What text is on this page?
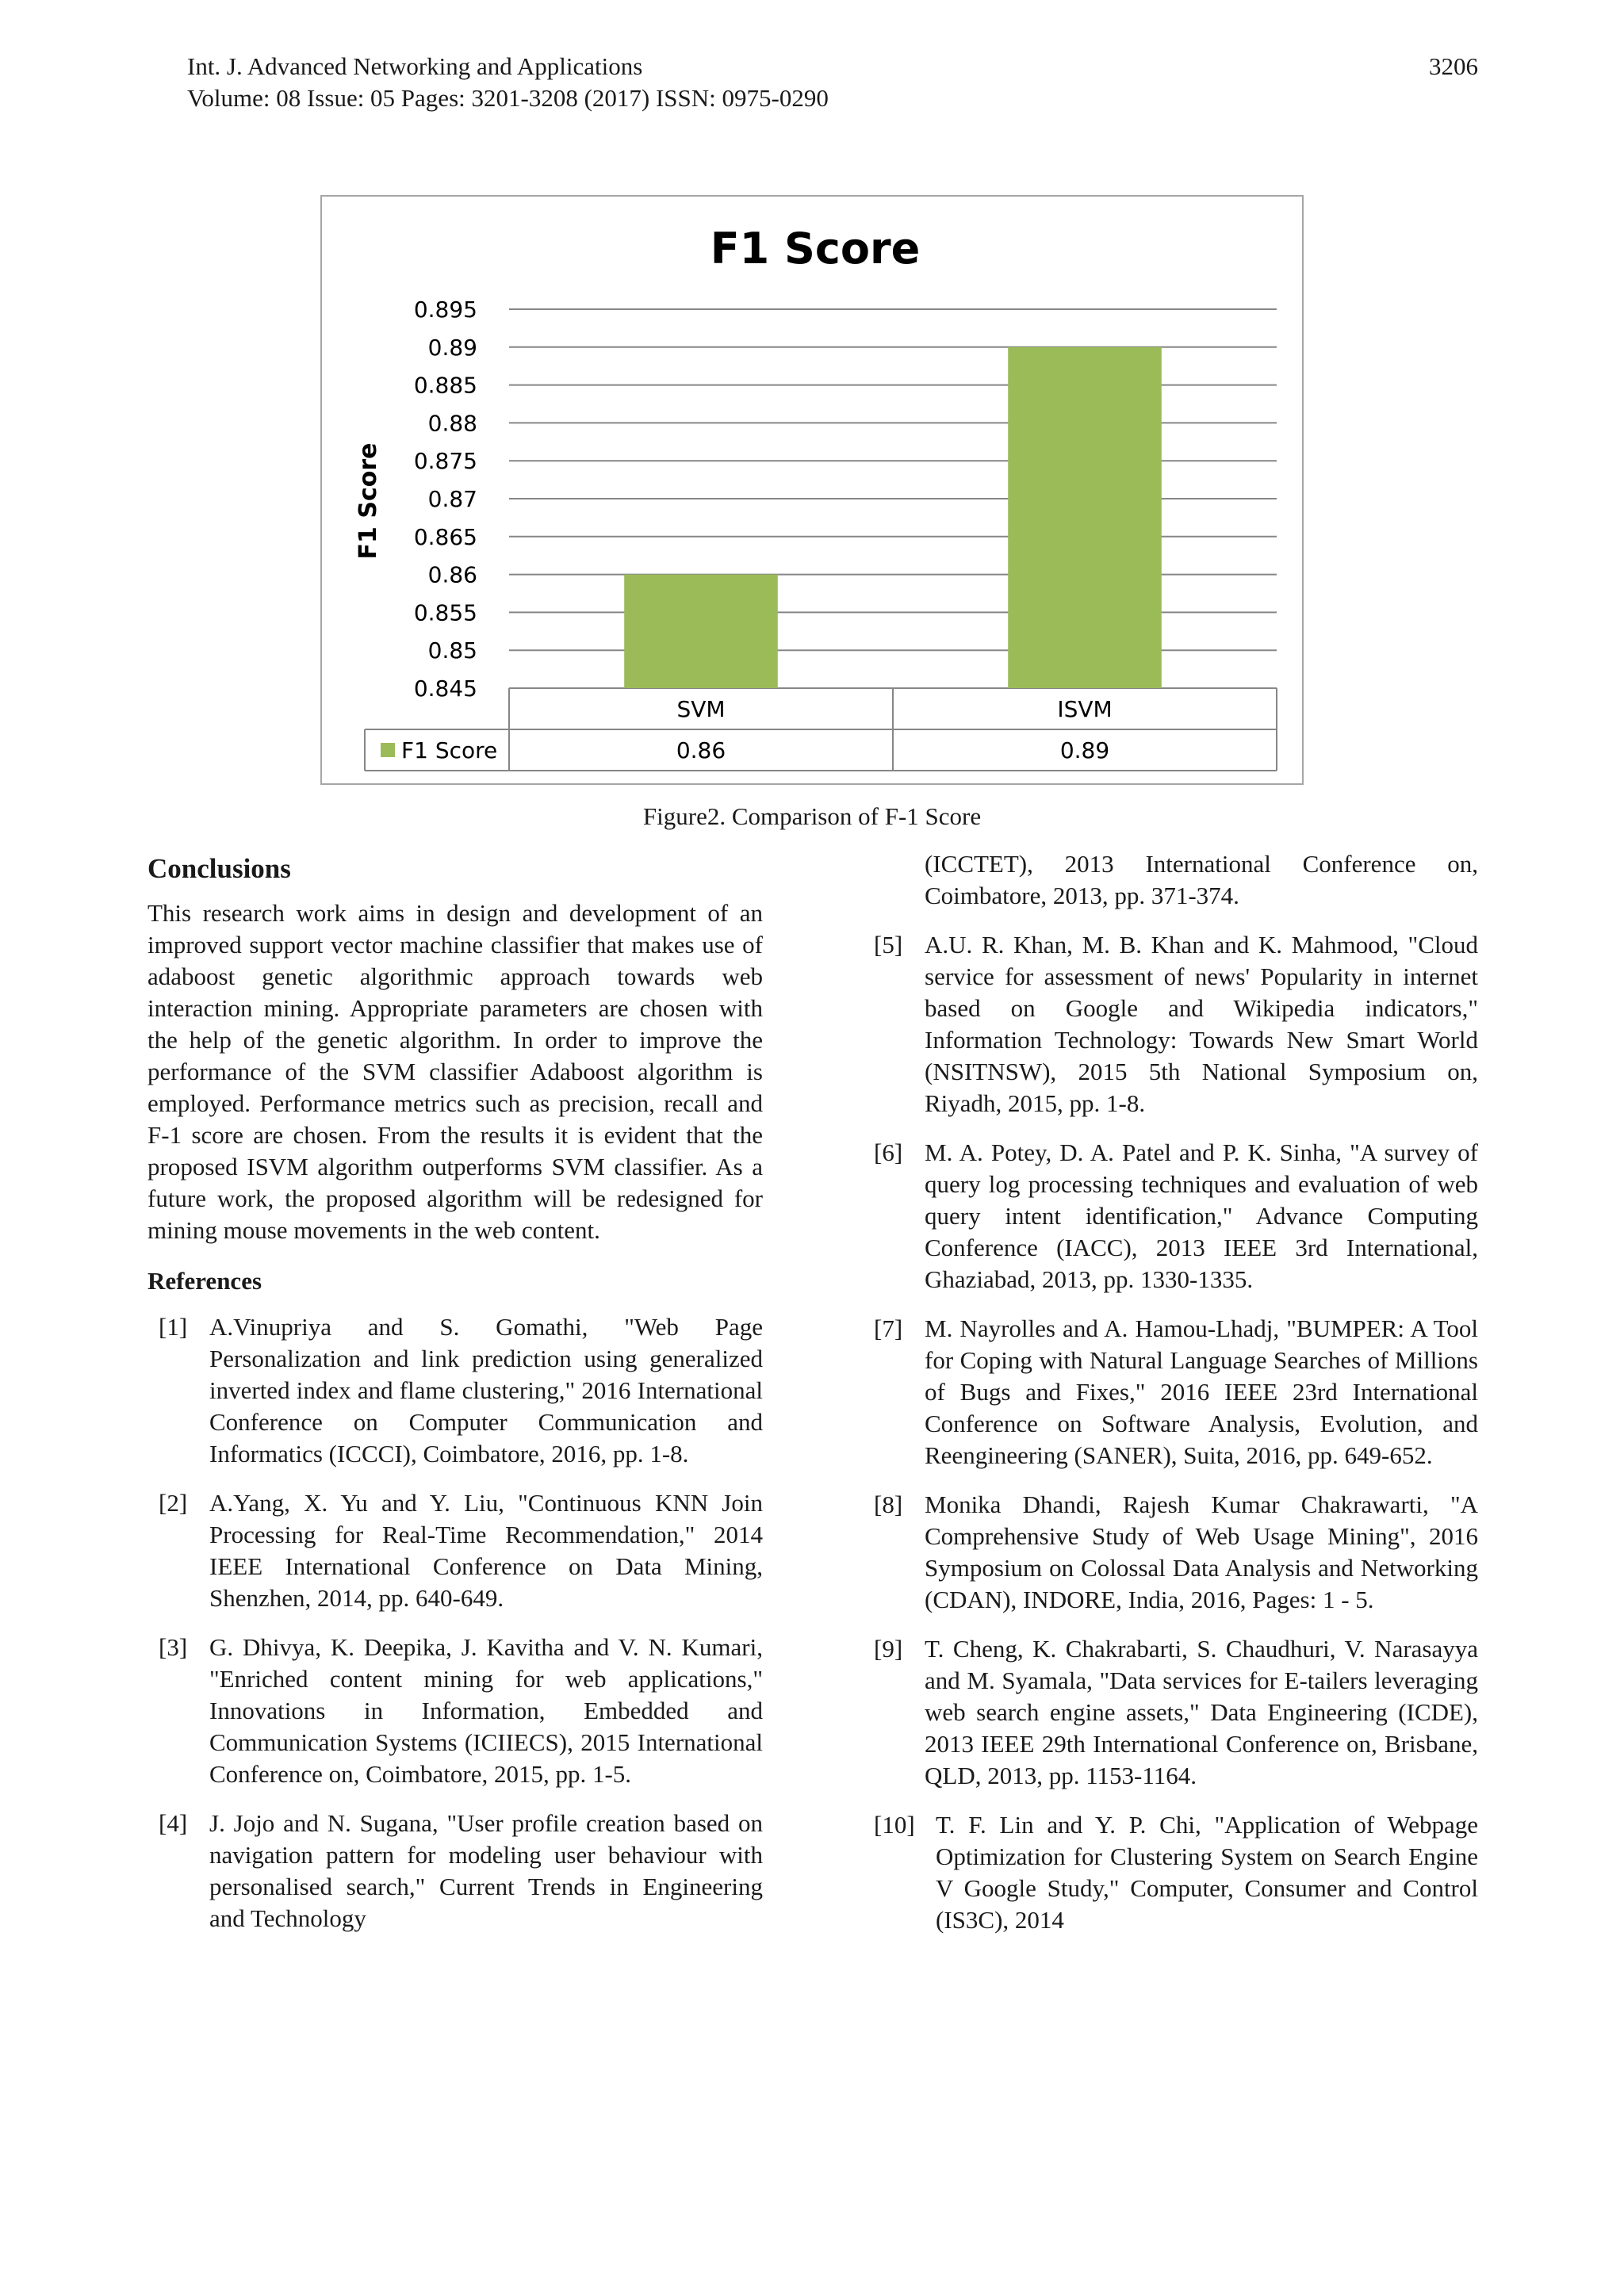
Int. J. Advanced Networking and Applications
Volume: 08 Issue: 05 Pages: 3201-3208 (2017) ISSN: 0975-0290
3206
F1 Score
F1 Score
0.895
0.89
0.885
0.88
0.875
0.87
0.865
0.86
0.855
0.85
0.845
SVM
0.86
ISVM
0.89
F1 Score
Figure2. Comparison of F-1 Score
Conclusions

This research work aims in design and development of an improved support vector machine classifier that makes use of adaboost genetic algorithmic approach towards web interaction mining. Appropriate parameters are chosen with the help of the genetic algorithm. In order to improve the performance of the SVM classifier Adaboost algorithm is employed. Performance metrics such as precision, recall and F-1 score are chosen. From the results it is evident that the proposed ISVM algorithm outperforms SVM classifier. As a future work, the proposed algorithm will be redesigned for mining mouse movements in the web content.

References
[1] A.Vinupriya and S. Gomathi, "Web Page Personalization and link prediction using generalized inverted index and flame clustering," 2016 International Conference on Computer Communication and Informatics (ICCCI), Coimbatore, 2016, pp. 1-8.
[2] A.Yang, X. Yu and Y. Liu, "Continuous KNN Join Processing for Real-Time Recommendation," 2014 IEEE International Conference on Data Mining, Shenzhen, 2014, pp. 640-649.
[3] G. Dhivya, K. Deepika, J. Kavitha and V. N. Kumari, "Enriched content mining for web applications," Innovations in Information, Embedded and Communication Systems (ICIIECS), 2015 International Conference on, Coimbatore, 2015, pp. 1-5.
[4] J. Jojo and N. Sugana, "User profile creation based on navigation pattern for modeling user behaviour with personalised search," Current Trends in Engineering and Technology
(ICCTET), 2013 International Conference on, Coimbatore, 2013, pp. 371-374.
[5] A.U. R. Khan, M. B. Khan and K. Mahmood, "Cloud service for assessment of news' Popularity in internet based on Google and Wikipedia indicators," Information Technology: Towards New Smart World (NSITNSW), 2015 5th National Symposium on, Riyadh, 2015, pp. 1-8.
[6] M. A. Potey, D. A. Patel and P. K. Sinha, "A survey of query log processing techniques and evaluation of web query intent identification," Advance Computing Conference (IACC), 2013 IEEE 3rd International, Ghaziabad, 2013, pp. 1330-1335.
[7] M. Nayrolles and A. Hamou-Lhadj, "BUMPER: A Tool for Coping with Natural Language Searches of Millions of Bugs and Fixes," 2016 IEEE 23rd International Conference on Software Analysis, Evolution, and Reengineering (SANER), Suita, 2016, pp. 649-652.
[8] Monika Dhandi, Rajesh Kumar Chakrawarti, "A Comprehensive Study of Web Usage Mining", 2016 Symposium on Colossal Data Analysis and Networking (CDAN), INDORE, India, 2016, Pages: 1 - 5.
[9] T. Cheng, K. Chakrabarti, S. Chaudhuri, V. Narasayya and M. Syamala, "Data services for E-tailers leveraging web search engine assets," Data Engineering (ICDE), 2013 IEEE 29th International Conference on, Brisbane, QLD, 2013, pp. 1153-1164.
[10] T. F. Lin and Y. P. Chi, "Application of Webpage Optimization for Clustering System on Search Engine V Google Study," Computer, Consumer and Control (IS3C), 2014
